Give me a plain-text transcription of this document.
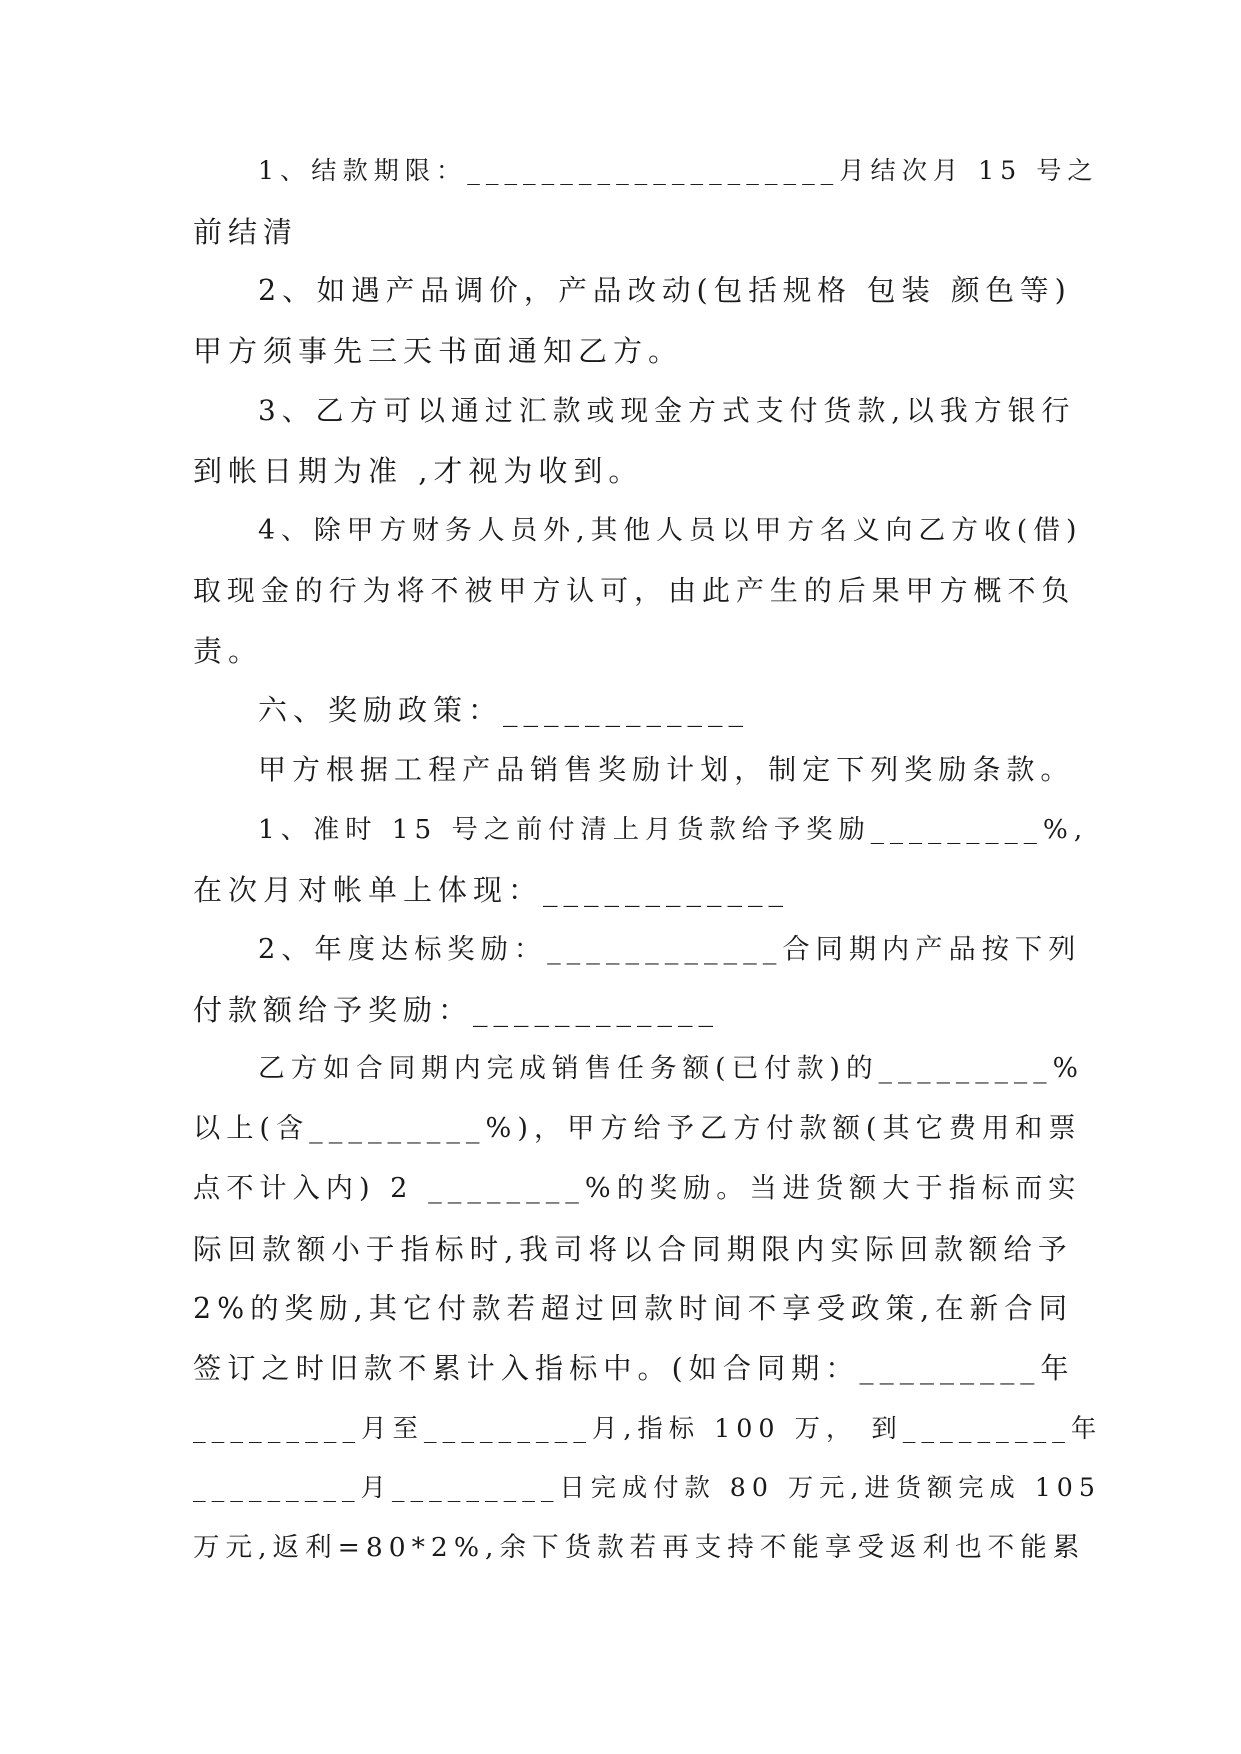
1、结款期限：____________________月结次月 15 号之
前结清
2、如遇产品调价，产品改动(包括规格 包装 颜色等)
甲方须事先三天书面通知乙方。
3、乙方可以通过汇款或现金方式支付货款,以我方银行
到帐日期为准 ,才视为收到。
4、除甲方财务人员外,其他人员以甲方名义向乙方收(借)
取现金的行为将不被甲方认可，由此产生的后果甲方概不负
责。
六、奖励政策：____________
甲方根据工程产品销售奖励计划，制定下列奖励条款。
1、准时 15 号之前付清上月货款给予奖励_________%,
在次月对帐单上体现：____________
2、年度达标奖励：____________合同期内产品按下列
付款额给予奖励：____________
乙方如合同期内完成销售任务额(已付款)的_________%
以上(含_________%)，甲方给予乙方付款额(其它费用和票
点不计入内) 2 ________%的奖励。当进货额大于指标而实
际回款额小于指标时,我司将以合同期限内实际回款额给予
2%的奖励,其它付款若超过回款时间不享受政策,在新合同
签订之时旧款不累计入指标中。(如合同期：_________年
_________月至_________月,指标 100 万， 到_________年
_________月_________日完成付款 80 万元,进货额完成 105
万元,返利=80*2%,余下货款若再支持不能享受返利也不能累
